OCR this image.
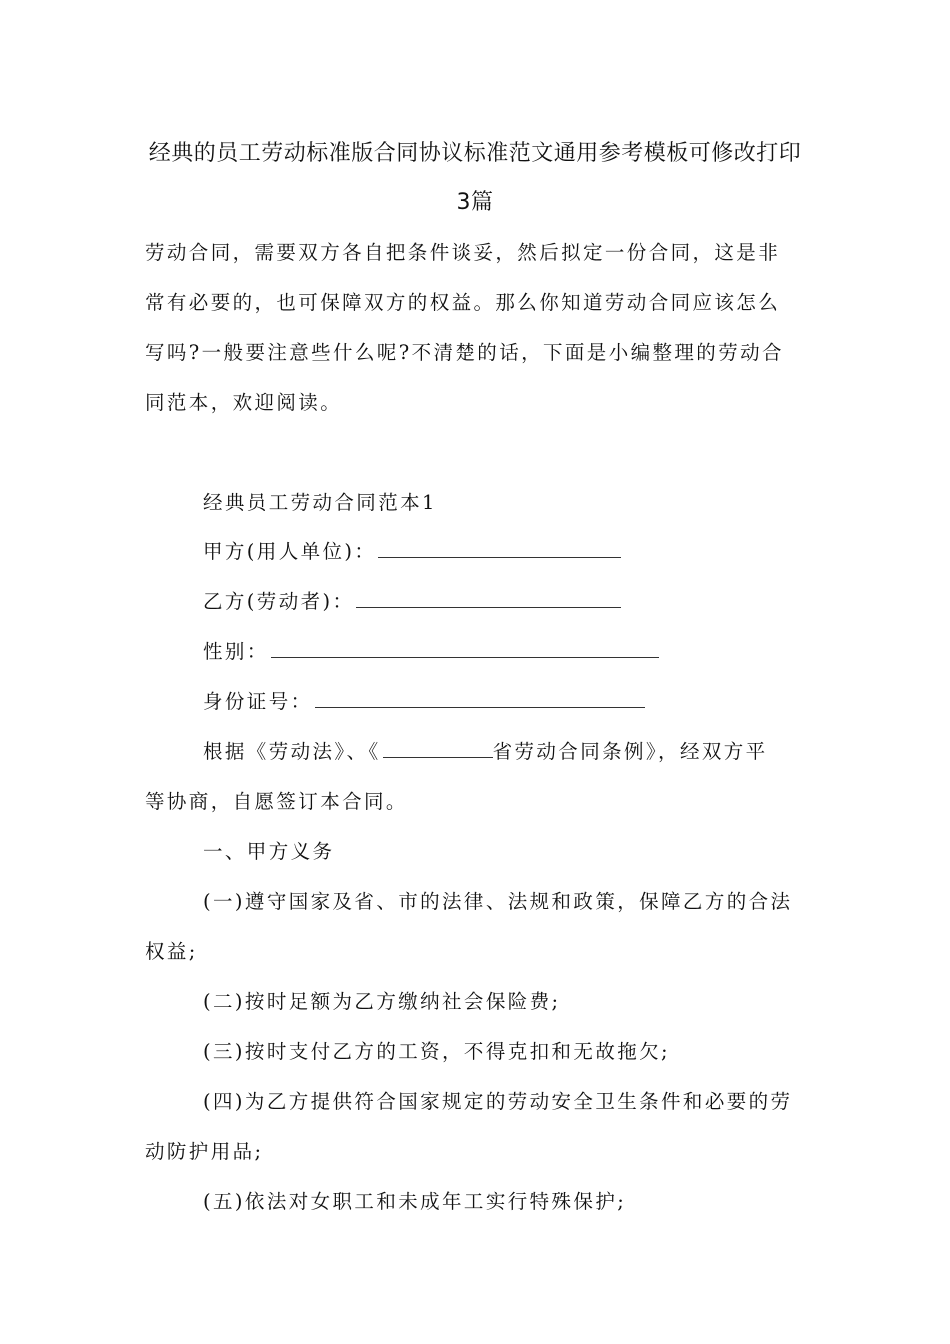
经典的员工劳动标准版合同协议标准范文通用参考模板可修改打印
3篇
劳动合同，需要双方各自把条件谈妥，然后拟定一份合同，这是非
常有必要的，也可保障双方的权益。那么你知道劳动合同应该怎么
写吗?一般要注意些什么呢?不清楚的话，下面是小编整理的劳动合
同范本，欢迎阅读。
经典员工劳动合同范本1
甲方(用人单位)：
乙方(劳动者)：
性别：
身份证号：
根据《劳动法》、《	省劳动合同条例》，经双方平
等协商，自愿签订本合同。
一、甲方义务
(一)遵守国家及省、市的法律、法规和政策，保障乙方的合法
权益;
(二)按时足额为乙方缴纳社会保险费;
(三)按时支付乙方的工资，不得克扣和无故拖欠;
(四)为乙方提供符合国家规定的劳动安全卫生条件和必要的劳
动防护用品;
(五)依法对女职工和未成年工实行特殊保护;
